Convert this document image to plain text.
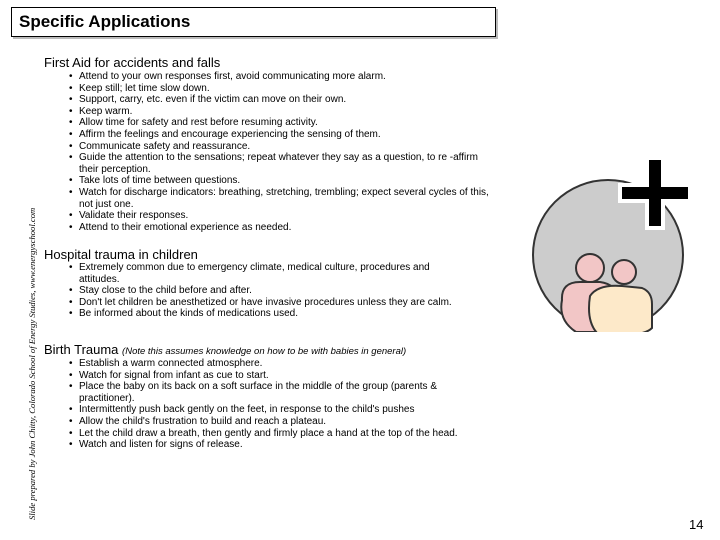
Specific Applications
Slide prepared by John Chitty, Colorado School of Energy Studies, www.energyschool.com
First Aid for accidents and falls
• Attend to your own responses first, avoid communicating more alarm.
• Keep still; let time slow down.
• Support, carry, etc. even if the victim can move on their own.
• Keep warm.
• Allow time for safety and rest before resuming activity.
• Affirm the feelings and encourage experiencing the sensing of them.
• Communicate safety and reassurance.
• Guide the attention to the sensations; repeat whatever they say as a question, to re -affirm their perception.
• Take lots of time between questions.
• Watch for discharge indicators: breathing, stretching, trembling; expect several cycles of this, not just one.
• Validate their responses.
• Attend to their emotional experience as needed.
Hospital trauma in children
• Extremely common due to emergency climate, medical culture, procedures and attitudes.
• Stay close to the child before and after.
• Don't let children be anesthetized or have invasive procedures unless they are calm.
• Be informed about the kinds of medications used.
Birth Trauma (Note this assumes knowledge on how to be with babies in general)
• Establish a warm connected atmosphere.
• Watch for signal from infant as cue to start.
• Place the baby on its back on a soft surface in the middle of the group (parents & practitioner).
• Intermittently push back gently on the feet, in response to the child's pushes
• Allow the child's frustration to build and reach a plateau.
• Let the child draw a breath, then gently and firmly place a hand at the top of the head.
• Watch and listen for signs of release.
14
